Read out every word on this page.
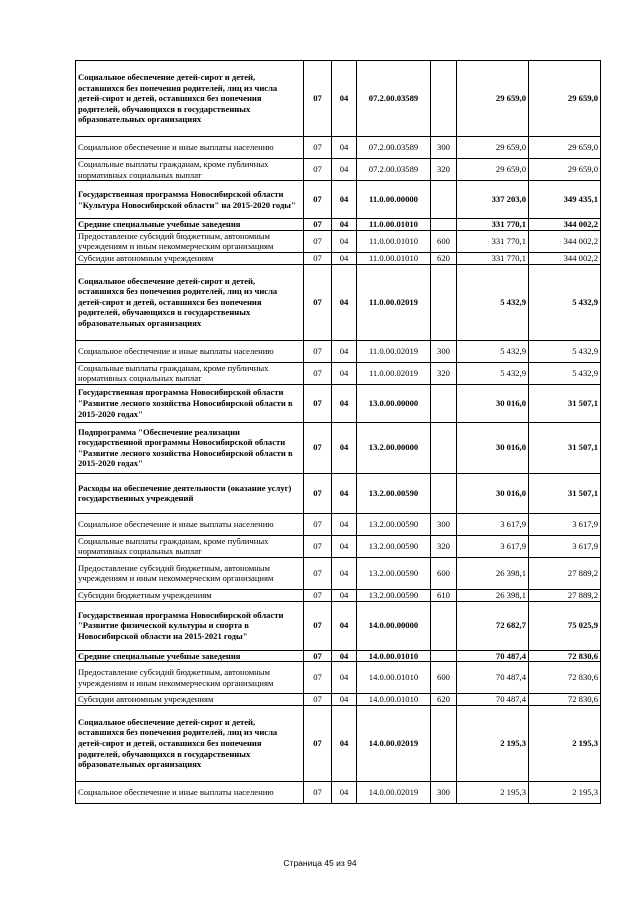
Социальное обеспечение детей-сирот и детей, оставшихся без попечения родителей, лиц из числа детей-сирот и детей, оставшихся без попечения родителей, обучающихся в государственных образовательных организациях	07	04	07.2.00.03589		29 659,0	29 659,0
Социальное обеспечение и иные выплаты населению	07	04	07.2.00.03589	300	29 659,0	29 659,0
Социальные выплаты гражданам, кроме публичных нормативных социальных выплат	07	04	07.2.00.03589	320	29 659,0	29 659,0
Государственная программа Новосибирской области "Культура Новосибирской области" на 2015-2020 годы"	07	04	11.0.00.00000		337 203,0	349 435,1
Средние специальные учебные заведения	07	04	11.0.00.01010		331 770,1	344 002,2
Предоставление субсидий бюджетным, автономным учреждениям и иным некоммерческим организациям	07	04	11.0.00.01010	600	331 770,1	344 002,2
Субсидии автономным учреждениям	07	04	11.0.00.01010	620	331 770,1	344 002,2
Социальное обеспечение детей-сирот и детей, оставшихся без попечения родителей, лиц из числа детей-сирот и детей, оставшихся без попечения родителей, обучающихся в государственных образовательных организациях	07	04	11.0.00.02019		5 432,9	5 432,9
Социальное обеспечение и иные выплаты населению	07	04	11.0.00.02019	300	5 432,9	5 432,9
Социальные выплаты гражданам, кроме публичных нормативных социальных выплат	07	04	11.0.00.02019	320	5 432,9	5 432,9
Государственная программа Новосибирской области "Развитие лесного хозяйства Новосибирской области в 2015-2020 годах"	07	04	13.0.00.00000		30 016,0	31 507,1
Подпрограмма "Обеспечение реализации государственной программы Новосибирской области "Развитие лесного хозяйства Новосибирской области в 2015-2020 годах"	07	04	13.2.00.00000		30 016,0	31 507,1
Расходы на обеспечение деятельности (оказание услуг) государственных учреждений	07	04	13.2.00.00590		30 016,0	31 507,1
Социальное обеспечение и иные выплаты населению	07	04	13.2.00.00590	300	3 617,9	3 617,9
Социальные выплаты гражданам, кроме публичных нормативных социальных выплат	07	04	13.2.00.00590	320	3 617,9	3 617,9
Предоставление субсидий бюджетным, автономным учреждениям и иным некоммерческим организациям	07	04	13.2.00.00590	600	26 398,1	27 889,2
Субсидии бюджетным учреждениям	07	04	13.2.00.00590	610	26 398,1	27 889,2
Государственная программа Новосибирской области "Развитие физической культуры и спорта в Новосибирской области на 2015-2021 годы"	07	04	14.0.00.00000		72 682,7	75 025,9
Средние специальные учебные заведения	07	04	14.0.00.01010		70 487,4	72 830,6
Предоставление субсидий бюджетным, автономным учреждениям и иным некоммерческим организациям	07	04	14.0.00.01010	600	70 487,4	72 830,6
Субсидии автономным учреждениям	07	04	14.0.00.01010	620	70 487,4	72 830,6
Социальное обеспечение детей-сирот и детей, оставшихся без попечения родителей, лиц из числа детей-сирот и детей, оставшихся без попечения родителей, обучающихся в государственных образовательных организациях	07	04	14.0.00.02019		2 195,3	2 195,3
Социальное обеспечение и иные выплаты населению	07	04	14.0.00.02019	300	2 195,3	2 195,3
Страница 45 из 94
